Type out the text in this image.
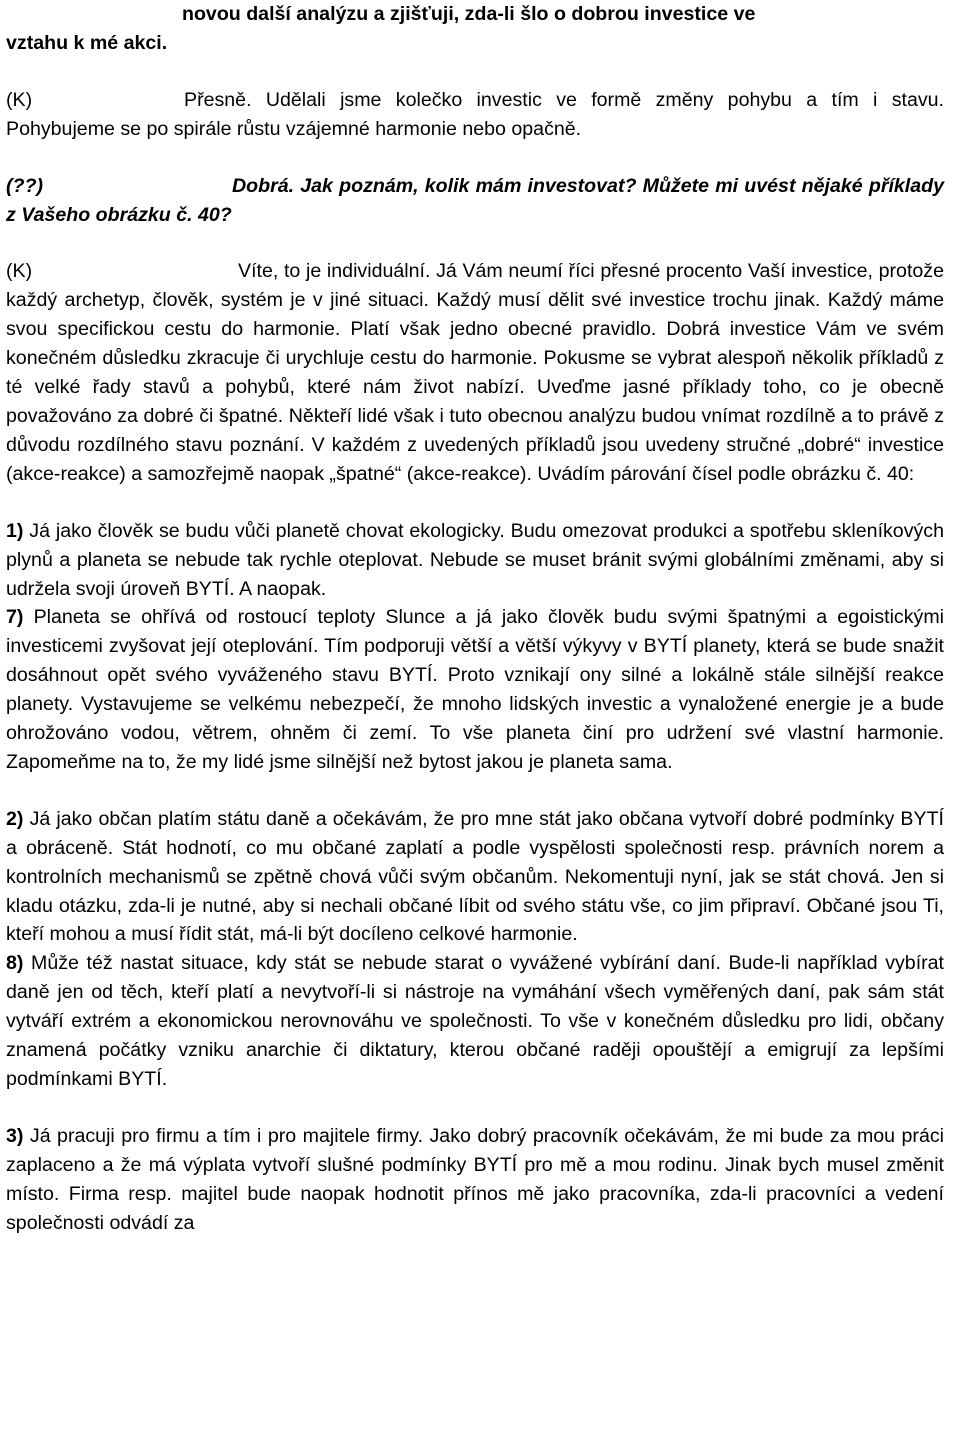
novou další analýzu a zjišťuji, zda-li šlo o dobrou investice ve

vztahu k mé akci.

(K)	Přesně. Udělali jsme kolečko investic ve formě změny pohybu a tím i stavu. Pohybujeme se po spirále růstu vzájemné harmonie nebo opačně.

(??)	Dobrá. Jak poznám, kolik mám investovat? Můžete mi uvést nějaké příklady z Vašeho obrázku č. 40?

(K)	Víte, to je individuální. Já Vám neumí říci přesné procento Vaší investice, protože každý archetyp, člověk, systém je v jiné situaci. Každý musí dělit své investice trochu jinak. Každý máme svou specifickou cestu do harmonie. Platí však jedno obecné pravidlo. Dobrá investice Vám ve svém konečném důsledku zkracuje či urychluje cestu do harmonie. Pokusme se vybrat alespoň několik příkladů z té velké řady stavů a pohybů, které nám život nabízí. Uveďme jasné příklady toho, co je obecně považováno za dobré či špatné. Někteří lidé však i tuto obecnou analýzu budou vnímat rozdílně a to právě z důvodu rozdílného stavu poznání. V každém z uvedených příkladů jsou uvedeny stručné „dobré“ investice (akce-reakce) a samozřejmě naopak „špatné“ (akce-reakce). Uvádím párování čísel podle obrázku č. 40:

1) Já jako člověk se budu vůči planetě chovat ekologicky. Budu omezovat produkci a spotřebu skleníkových plynů a planeta se nebude tak rychle oteplovat. Nebude se muset bránit svými globálními změnami, aby si udržela svoji úroveň BYTÍ. A naopak.

7) Planeta se ohřívá od rostoucí teploty Slunce a já jako člověk budu svými špatnými a egoistickými investicemi zvyšovat její oteplování. Tím podporuji větší a větší výkyvy v BYTÍ planety, která se bude snažit dosáhnout opět svého vyváženého stavu BYTÍ. Proto vznikají ony silné a lokálně stále silnější reakce planety. Vystavujeme se velkému nebezpečí, že mnoho lidských investic a vynaložené energie je a bude ohrožováno vodou, větrem, ohněm či zemí. To vše planeta činí pro udržení své vlastní harmonie. Zapomeňme na to, že my lidé jsme silnější než bytost jakou je planeta sama.

2) Já jako občan platím státu daně a očekávám, že pro mne stát jako občana vytvoří dobré podmínky BYTÍ a obráceně. Stát hodnotí, co mu občané zaplatí a podle vyspělosti společnosti resp. právních norem a kontrolních mechanismů se zpětně chová vůči svým občanům. Nekomentuji nyní, jak se stát chová. Jen si kladu otázku, zda-li je nutné, aby si nechali občané líbit od svého státu vše, co jim připraví. Občané jsou Ti, kteří mohou a musí řídit stát, má-li být docíleno celkové harmonie.

8) Může též nastat situace, kdy stát se nebude starat o vyvážené vybírání daní. Bude-li například vybírat daně jen od těch, kteří platí a nevytvoří-li si nástroje na vymáhání všech vyměřených daní, pak sám stát vytváří extrém a ekonomickou nerovnováhu ve společnosti. To vše v konečném důsledku pro lidi, občany znamená počátky vzniku anarchie či diktatury, kterou občané raději opouštějí a emigrují za lepšími podmínkami BYTÍ.

3) Já pracuji pro firmu a tím i pro majitele firmy. Jako dobrý pracovník očekávám, že mi bude za mou práci zaplaceno a že má výplata vytvoří slušné podmínky BYTÍ pro mě a mou rodinu. Jinak bych musel změnit místo. Firma resp. majitel bude naopak hodnotit přínos mě jako pracovníka, zda-li pracovníci a vedení společnosti odvádí za
